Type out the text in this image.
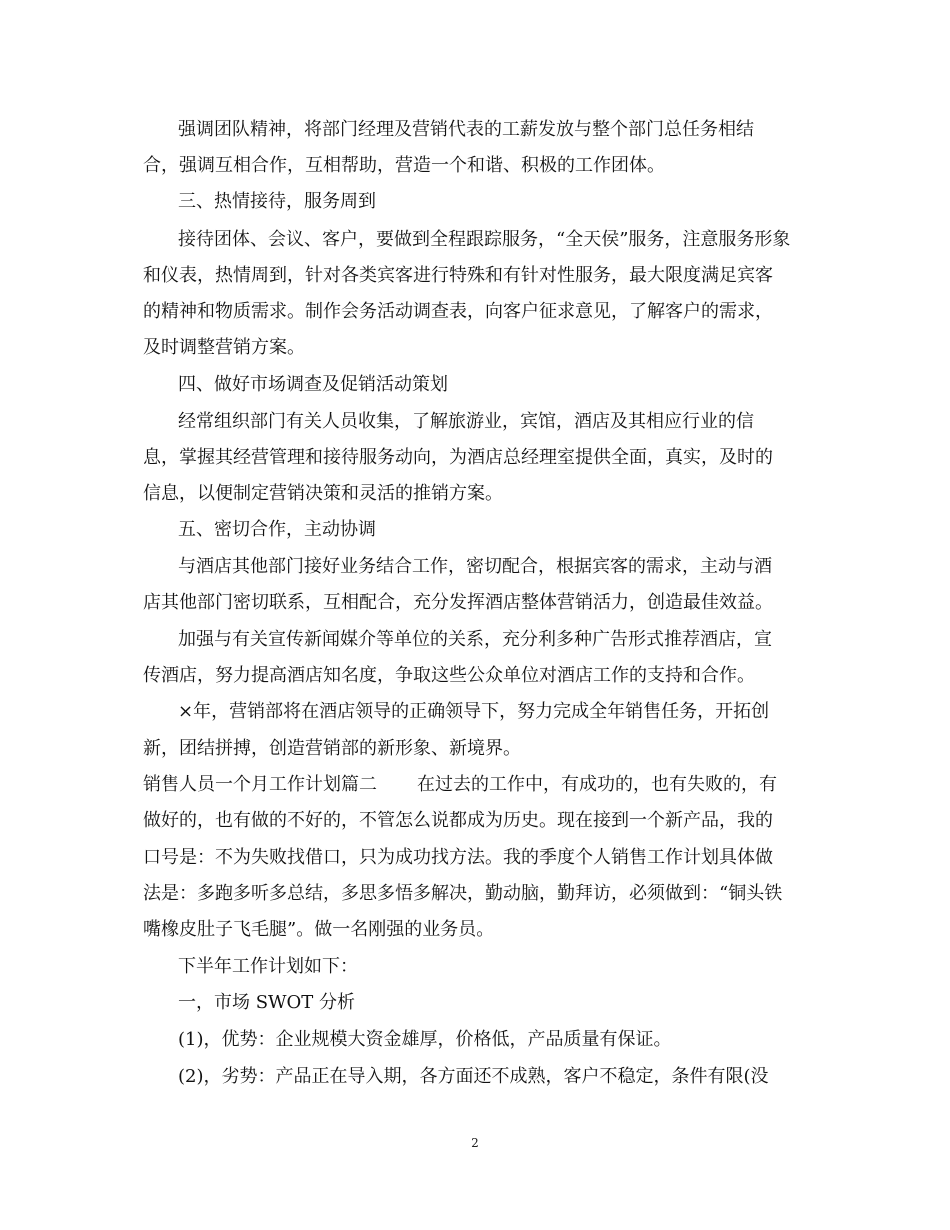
强调团队精神，将部门经理及营销代表的工薪发放与整个部门总任务相结

合，强调互相合作，互相帮助，营造一个和谐、积极的工作团体。

三、热情接待，服务周到

接待团体、会议、客户，要做到全程跟踪服务，“全天侯”服务，注意服务形象

和仪表，热情周到，针对各类宾客进行特殊和有针对性服务，最大限度满足宾客

的精神和物质需求。制作会务活动调查表，向客户征求意见，了解客户的需求，

及时调整营销方案。

四、做好市场调查及促销活动策划

经常组织部门有关人员收集，了解旅游业，宾馆，酒店及其相应行业的信

息，掌握其经营管理和接待服务动向，为酒店总经理室提供全面，真实，及时的

信息，以便制定营销决策和灵活的推销方案。

五、密切合作，主动协调

与酒店其他部门接好业务结合工作，密切配合，根据宾客的需求，主动与酒

店其他部门密切联系，互相配合，充分发挥酒店整体营销活力，创造最佳效益。

加强与有关宣传新闻媒介等单位的关系，充分利多种广告形式推荐酒店，宣

传酒店，努力提高酒店知名度，争取这些公众单位对酒店工作的支持和合作。

×年，营销部将在酒店领导的正确领导下，努力完成全年销售任务，开拓创

新，团结拼搏，创造营销部的新形象、新境界。

销售人员一个月工作计划篇二 在过去的工作中，有成功的，也有失败的，有

做好的，也有做的不好的，不管怎么说都成为历史。现在接到一个新产品，我的

口号是：不为失败找借口，只为成功找方法。我的季度个人销售工作计划具体做

法是：多跑多听多总结，多思多悟多解决，勤动脑，勤拜访，必须做到：“铜头铁

嘴橡皮肚子飞毛腿”。做一名刚强的业务员。

下半年工作计划如下：

一，市场 SWOT 分析

(1)，优势：企业规模大资金雄厚，价格低，产品质量有保证。

(2)，劣势：产品正在导入期，各方面还不成熟，客户不稳定，条件有限(没

2
